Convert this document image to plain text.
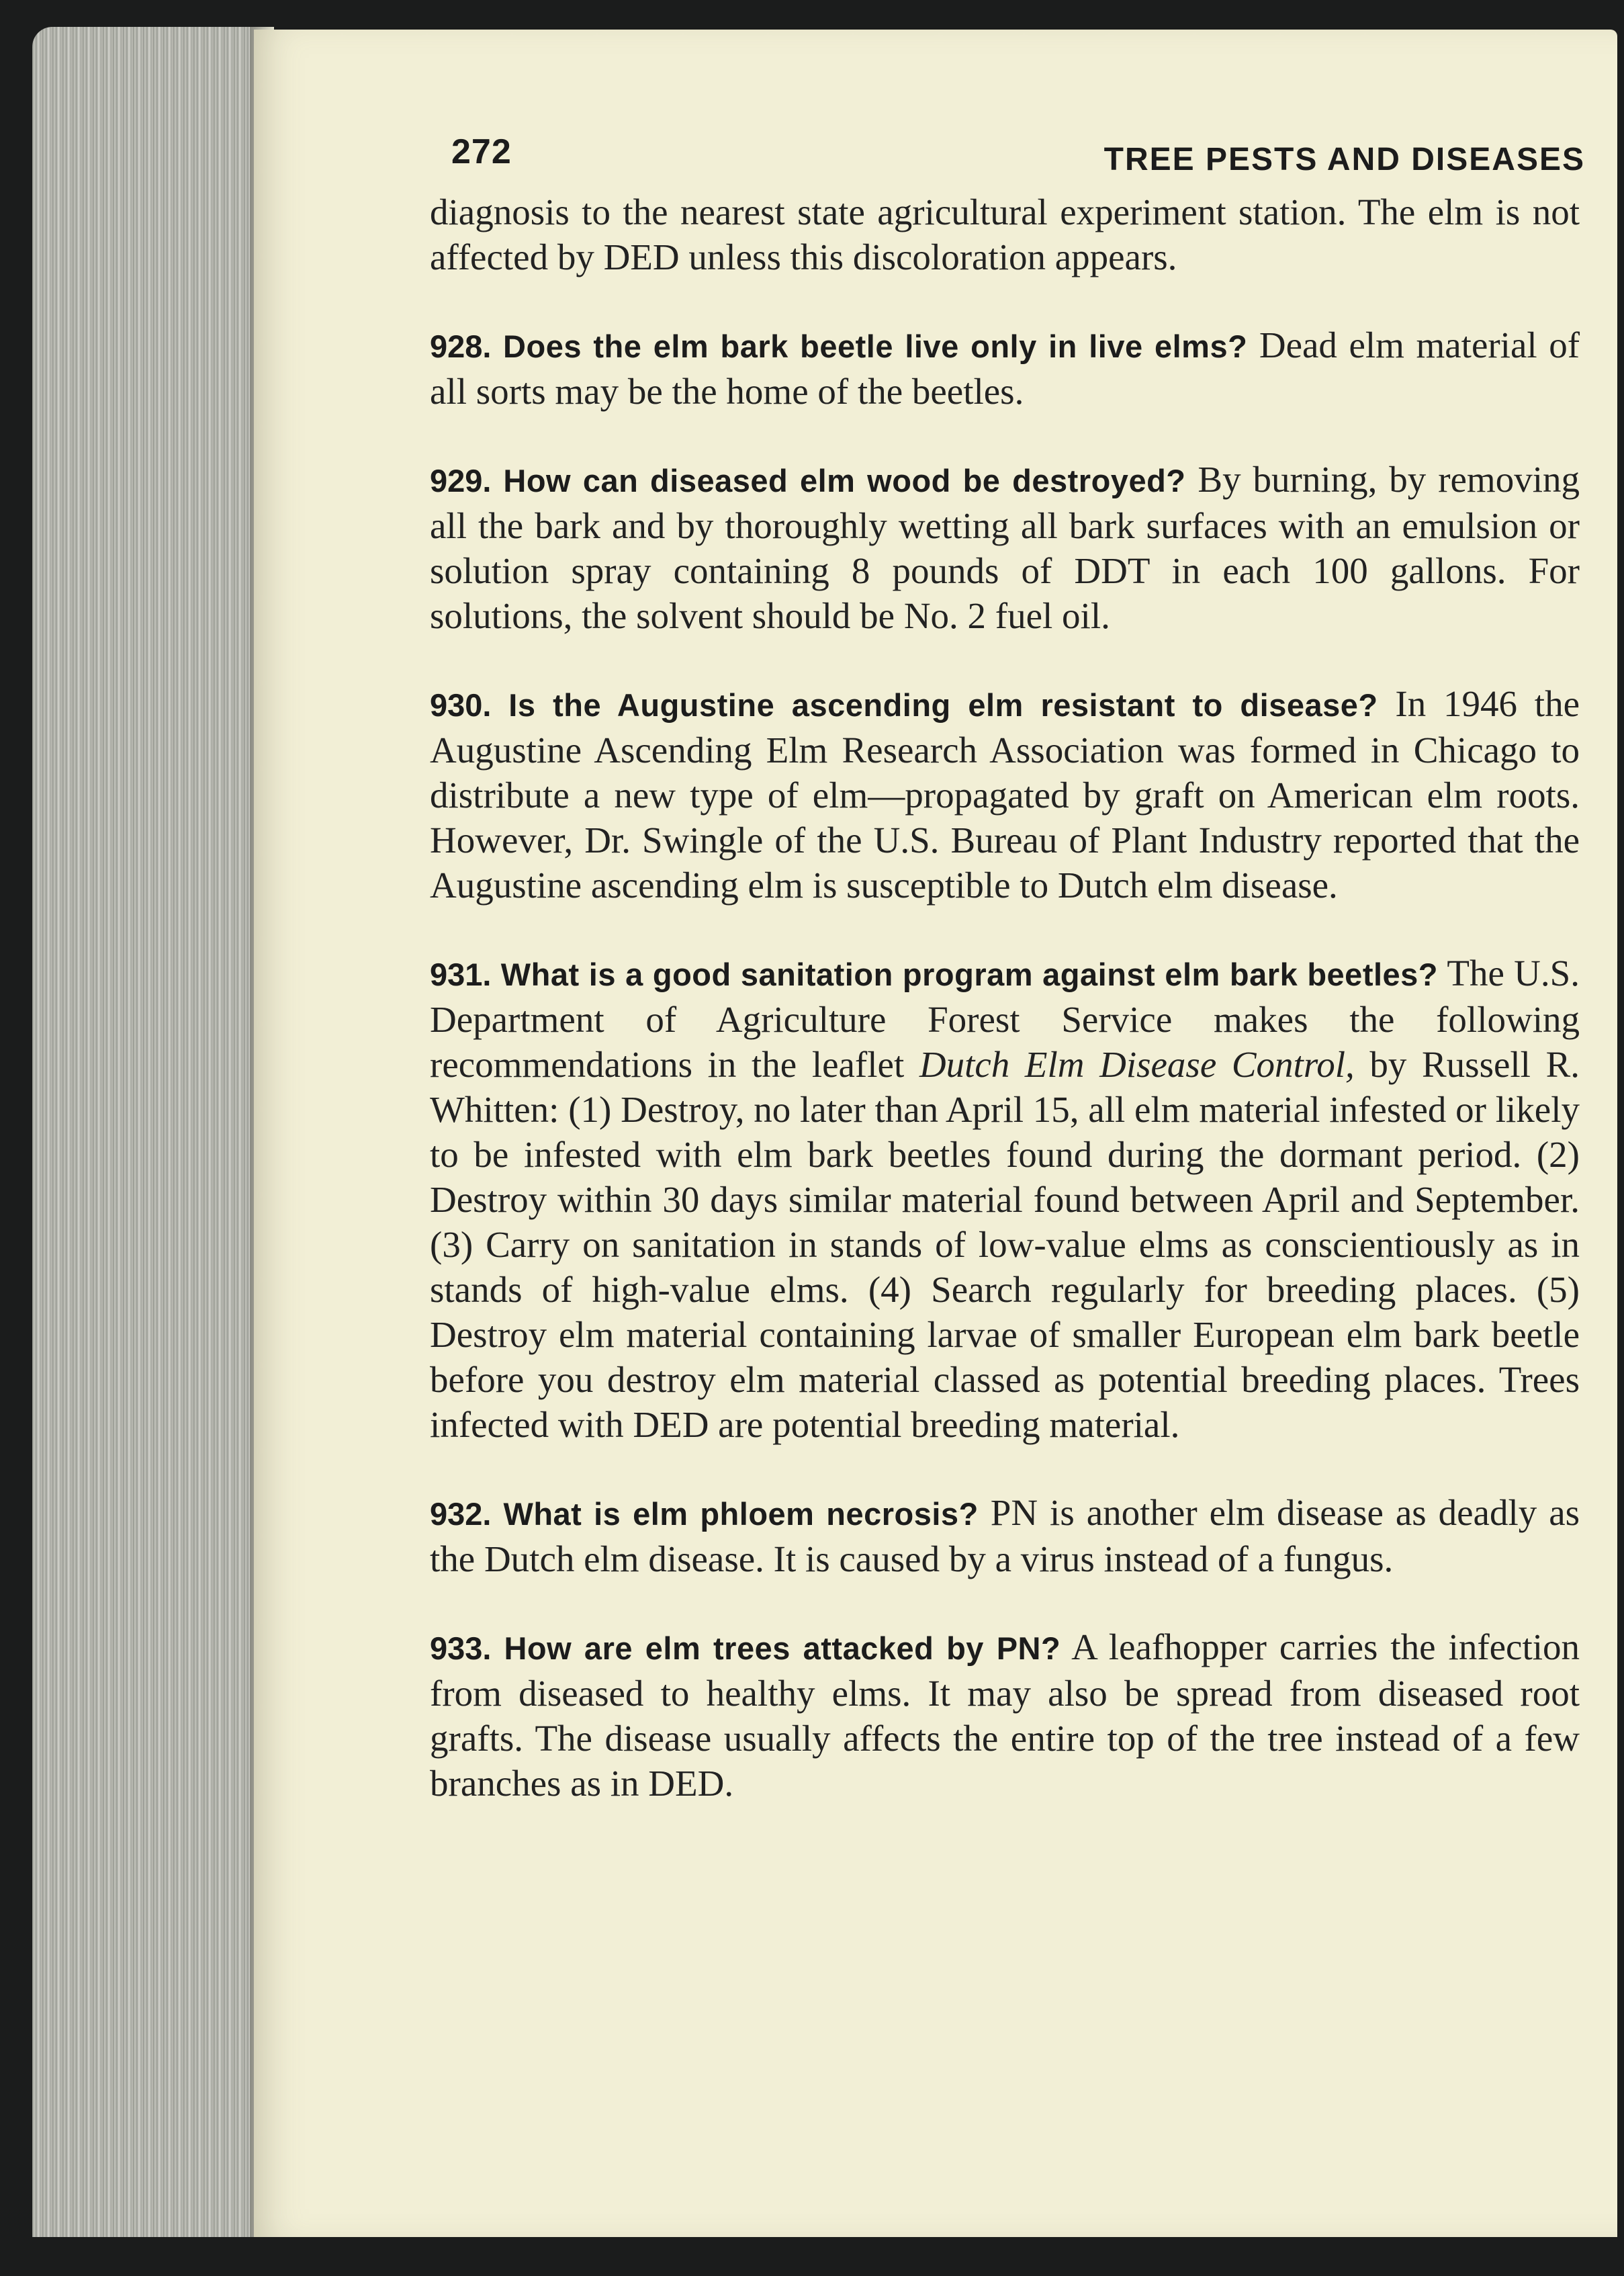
272	TREE PESTS AND DISEASES

diagnosis to the nearest state agricultural experiment station. The elm is not affected by DED unless this discoloration appears.

928. Does the elm bark beetle live only in live elms? Dead elm material of all sorts may be the home of the beetles.

929. How can diseased elm wood be destroyed? By burning, by removing all the bark and by thoroughly wetting all bark surfaces with an emulsion or solution spray containing 8 pounds of DDT in each 100 gallons. For solutions, the solvent should be No. 2 fuel oil.

930. Is the Augustine ascending elm resistant to disease? In 1946 the Augustine Ascending Elm Research Association was formed in Chicago to distribute a new type of elm—propagated by graft on American elm roots. However, Dr. Swingle of the U.S. Bureau of Plant Industry reported that the Augustine ascending elm is susceptible to Dutch elm disease.

931. What is a good sanitation program against elm bark beetles? The U.S. Department of Agriculture Forest Service makes the following recommendations in the leaflet Dutch Elm Disease Control, by Russell R. Whitten: (1) Destroy, no later than April 15, all elm material infested or likely to be infested with elm bark beetles found during the dormant period. (2) Destroy within 30 days similar material found between April and September. (3) Carry on sanitation in stands of low-value elms as conscientiously as in stands of high-value elms. (4) Search regularly for breeding places. (5) Destroy elm material containing larvae of smaller European elm bark beetle before you destroy elm material classed as potential breeding places. Trees infected with DED are potential breeding material.

932. What is elm phloem necrosis? PN is another elm disease as deadly as the Dutch elm disease. It is caused by a virus instead of a fungus.

933. How are elm trees attacked by PN? A leafhopper carries the infection from diseased to healthy elms. It may also be spread from diseased root grafts. The disease usually affects the entire top of the tree instead of a few branches as in DED.
